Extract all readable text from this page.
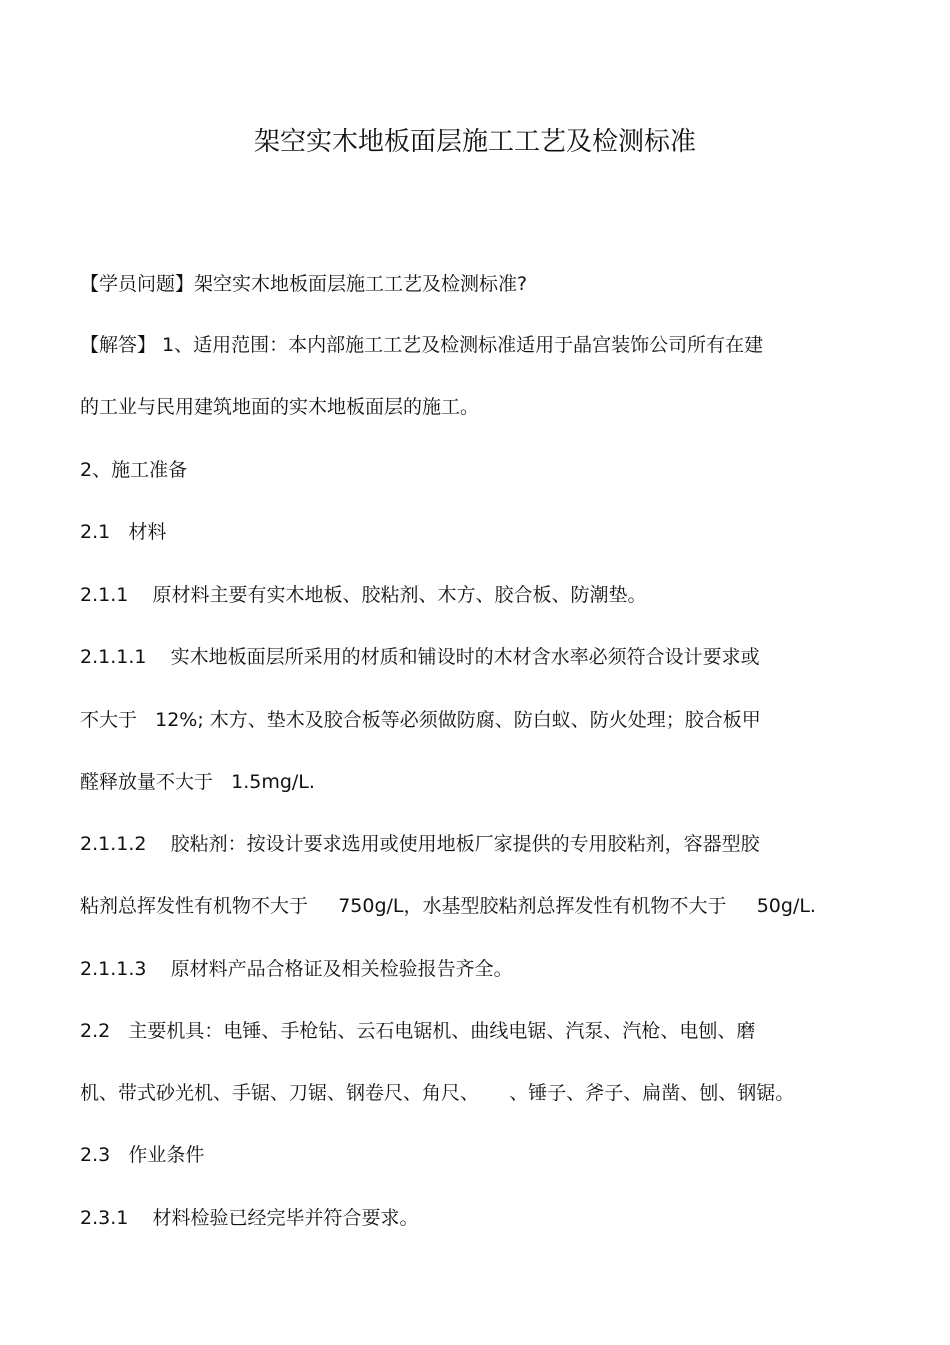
架空实木地板面层施工工艺及检测标准
【学员问题】架空实木地板面层施工工艺及检测标准?
【解答】 1、适用范围：本内部施工工艺及检测标准适用于晶宫装饰公司所有在建
的工业与民用建筑地面的实木地板面层的施工。
2、施工准备
2.1   材料
2.1.1    原材料主要有实木地板、胶粘剂、木方、胶合板、防潮垫。
2.1.1.1    实木地板面层所采用的材质和铺设时的木材含水率必须符合设计要求或
不大于   12%; 木方、垫木及胶合板等必须做防腐、防白蚁、防火处理；胶合板甲
醛释放量不大于   1.5mg/L.
2.1.1.2    胶粘剂：按设计要求选用或使用地板厂家提供的专用胶粘剂，容器型胶
粘剂总挥发性有机物不大于     750g/L，水基型胶粘剂总挥发性有机物不大于     50g/L.
2.1.1.3    原材料产品合格证及相关检验报告齐全。
2.2   主要机具：电锤、手枪钻、云石电锯机、曲线电锯、汽泵、汽枪、电刨、磨
机、带式砂光机、手锯、刀锯、钢卷尺、角尺、     、锤子、斧子、扁凿、刨、钢锯。
2.3   作业条件
2.3.1    材料检验已经完毕并符合要求。
